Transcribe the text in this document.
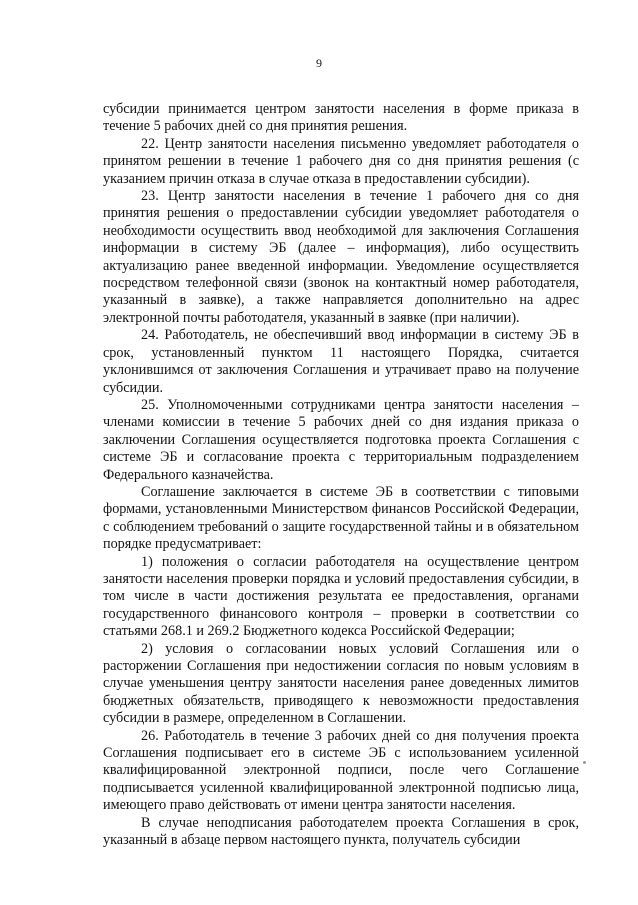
9

субсидии принимается центром занятости населения в форме приказа в течение 5 рабочих дней со дня принятия решения.

22. Центр занятости населения письменно уведомляет работодателя о принятом решении в течение 1 рабочего дня со дня принятия решения (с указанием причин отказа в случае отказа в предоставлении субсидии).

23. Центр занятости населения в течение 1 рабочего дня со дня принятия решения о предоставлении субсидии уведомляет работодателя о необходимости осуществить ввод необходимой для заключения Соглашения информации в систему ЭБ (далее – информация), либо осуществить актуализацию ранее введенной информации. Уведомление осуществляется посредством телефонной связи (звонок на контактный номер работодателя, указанный в заявке), а также направляется дополнительно на адрес электронной почты работодателя, указанный в заявке (при наличии).

24. Работодатель, не обеспечивший ввод информации в систему ЭБ в срок, установленный пунктом 11 настоящего Порядка, считается уклонившимся от заключения Соглашения и утрачивает право на получение субсидии.

25. Уполномоченными сотрудниками центра занятости населения – членами комиссии в течение 5 рабочих дней со дня издания приказа о заключении Соглашения осуществляется подготовка проекта Соглашения с системе ЭБ и согласование проекта с территориальным подразделением Федерального казначейства.

Соглашение заключается в системе ЭБ в соответствии с типовыми формами, установленными Министерством финансов Российской Федерации, с соблюдением требований о защите государственной тайны и в обязательном порядке предусматривает:

1) положения о согласии работодателя на осуществление центром занятости населения проверки порядка и условий предоставления субсидии, в том числе в части достижения результата ее предоставления, органами государственного финансового контроля – проверки в соответствии со статьями 268.1 и 269.2 Бюджетного кодекса Российской Федерации;

2) условия о согласовании новых условий Соглашения или о расторжении Соглашения при недостижении согласия по новым условиям в случае уменьшения центру занятости населения ранее доведенных лимитов бюджетных обязательств, приводящего к невозможности предоставления субсидии в размере, определенном в Соглашении.

26. Работодатель в течение 3 рабочих дней со дня получения проекта Соглашения подписывает его в системе ЭБ с использованием усиленной квалифицированной электронной подписи, после чего Соглашение подписывается усиленной квалифицированной электронной подписью лица, имеющего право действовать от имени центра занятости населения.

В случае неподписания работодателем проекта Соглашения в срок, указанный в абзаце первом настоящего пункта, получатель субсидии
